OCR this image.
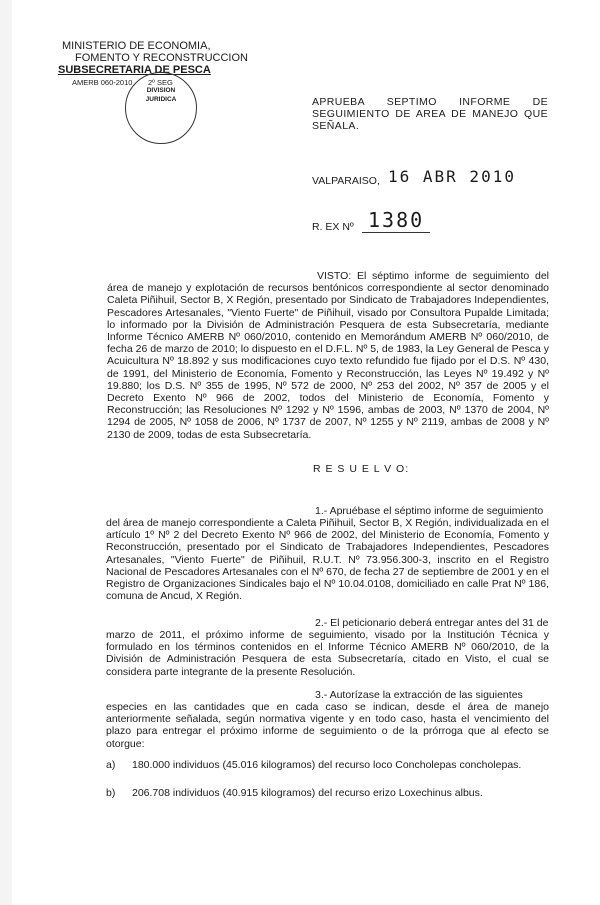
MINISTERIO DE ECONOMIA,
FOMENTO Y RECONSTRUCCION
SUBSECRETARIA DE PESCA
AMERB 060-2010 2º SEG
DIVISION
JURIDICA	APRUEBA SEPTIMO INFORME DE SEGUIMIENTO DE AREA DE MANEJO QUE SEÑALA.
VALPARAISO, 16 ABR 2010
R. EX Nº 1380
VISTO: El séptimo informe de seguimiento del área de manejo y explotación de recursos bentónicos correspondiente al sector denominado Caleta Piñihuil, Sector B, X Región, presentado por Sindicato de Trabajadores Independientes, Pescadores Artesanales, "Viento Fuerte" de Piñihuil, visado por Consultora Pupalde Limitada; lo informado por la División de Administración Pesquera de esta Subsecretaría, mediante Informe Técnico AMERB Nº 060/2010, contenido en Memorándum AMERB Nº 060/2010, de fecha 26 de marzo de 2010; lo dispuesto en el D.F.L. Nº 5, de 1983, la Ley General de Pesca y Acuicultura Nº 18.892 y sus modificaciones cuyo texto refundido fue fijado por el D.S. Nº 430, de 1991, del Ministerio de Economía, Fomento y Reconstrucción, las Leyes Nº 19.492 y Nº 19.880; los D.S. Nº 355 de 1995, Nº 572 de 2000, Nº 253 del 2002, Nº 357 de 2005 y el Decreto Exento Nº 966 de 2002, todos del Ministerio de Economía, Fomento y Reconstrucción; las Resoluciones Nº 1292 y Nº 1596, ambas de 2003, Nº 1370 de 2004, Nº 1294 de 2005, Nº 1058 de 2006, Nº 1737 de 2007, Nº 1255 y Nº 2119, ambas de 2008 y Nº 2130 de 2009, todas de esta Subsecretaría.
R E S U E L V O:
1.- Apruébase el séptimo informe de seguimiento
del área de manejo correspondiente a Caleta Piñihuil, Sector B, X Región, individualizada en el artículo 1º Nº 2 del Decreto Exento Nº 966 de 2002, del Ministerio de Economía, Fomento y Reconstrucción, presentado por el Sindicato de Trabajadores Independientes, Pescadores Artesanales, "Viento Fuerte" de Piñihuil, R.U.T. Nº 73.956.300-3, inscrito en el Registro Nacional de Pescadores Artesanales con el Nº 670, de fecha 27 de septiembre de 2001 y en el Registro de Organizaciones Sindicales bajo el Nº 10.04.0108, domiciliado en calle Prat Nº 186, comuna de Ancud, X Región.
2.- El peticionario deberá entregar antes del 31 de
marzo de 2011, el próximo informe de seguimiento, visado por la Institución Técnica y formulado en los términos contenidos en el Informe Técnico AMERB Nº 060/2010, de la División de Administración Pesquera de esta Subsecretaría, citado en Visto, el cual se considera parte integrante de la presente Resolución.
3.- Autorízase la extracción de las siguientes
especies en las cantidades que en cada caso se indican, desde el área de manejo anteriormente señalada, según normativa vigente y en todo caso, hasta el vencimiento del plazo para entregar el próximo informe de seguimiento o de la prórroga que al efecto se otorgue:
a) 180.000 individuos (45.016 kilogramos) del recurso loco Concholepas concholepas.
b) 206.708 individuos (40.915 kilogramos) del recurso erizo Loxechinus albus.
